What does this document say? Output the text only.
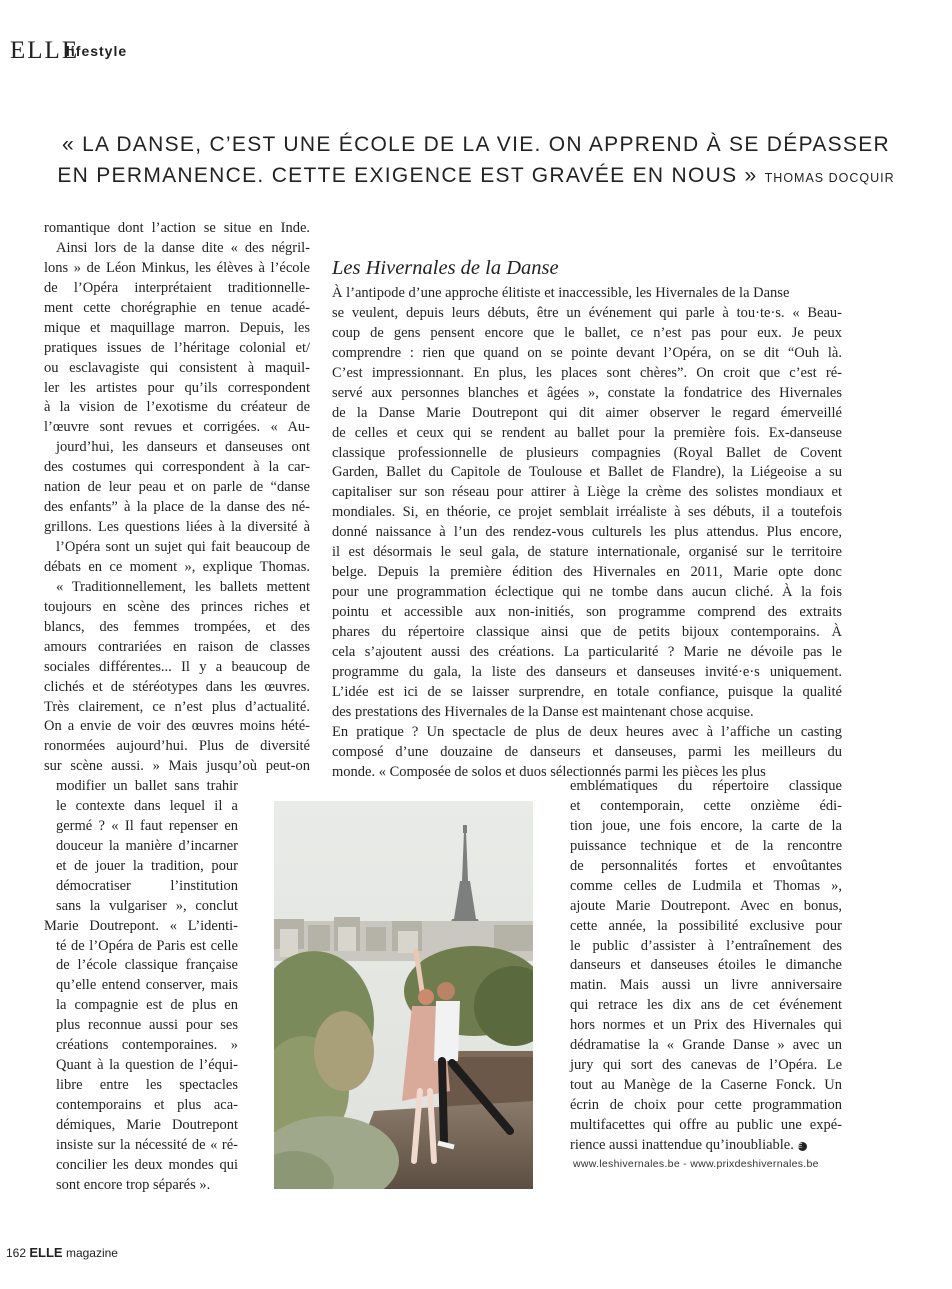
ELLE
lifestyle
« LA DANSE, C’EST UNE ÉCOLE DE LA VIE. ON APPREND À SE DÉPASSER
EN PERMANENCE. CETTE EXIGENCE EST GRAVÉE EN NOUS » THOMAS DOCQUIR
romantique dont l’action se situe en Inde.
Ainsi lors de la danse dite « des négril-
lons » de Léon Minkus, les élèves à l’école
de l’Opéra interprétaient traditionnelle-
ment cette chorégraphie en tenue acadé-
mique et maquillage marron. Depuis, les
pratiques issues de l’héritage colonial et/
ou esclavagiste qui consistent à maquil-
ler les artistes pour qu’ils correspondent
à la vision de l’exotisme du créateur de
l’œuvre sont revues et corrigées. « Au-
jourd’hui, les danseurs et danseuses ont
des costumes qui correspondent à la car-
nation de leur peau et on parle de “danse
des enfants” à la place de la danse des né-
grillons. Les questions liées à la diversité à
l’Opéra sont un sujet qui fait beaucoup de
débats en ce moment », explique Thomas.
« Traditionnellement, les ballets mettent
toujours en scène des princes riches et
blancs, des femmes trompées, et des
amours contrariées en raison de classes
sociales différentes... Il y a beaucoup de
clichés et de stéréotypes dans les œuvres.
Très clairement, ce n’est plus d’actualité.
On a envie de voir des œuvres moins hété-
ronormées aujourd’hui. Plus de diversité
sur scène aussi. » Mais jusqu’où peut-on
modifier un ballet sans trahir
le contexte dans lequel il a
germé ? « Il faut repenser en
douceur la manière d’incarner
et de jouer la tradition, pour
démocratiser l’institution
sans la vulgariser », conclut
Marie Doutrepont. « L’identi-
té de l’Opéra de Paris est celle
de l’école classique française
qu’elle entend conserver, mais
la compagnie est de plus en
plus reconnue aussi pour ses
créations contemporaines. »
Quant à la question de l’équi-
libre entre les spectacles
contemporains et plus aca-
démiques, Marie Doutrepont
insiste sur la nécessité de « ré-
concilier les deux mondes qui
sont encore trop séparés ».
Les Hivernales de la Danse
À l’antipode d’une approche élitiste et inaccessible, les Hivernales de la Danse
se veulent, depuis leurs débuts, être un événement qui parle à tou·te·s. « Beau-
coup de gens pensent encore que le ballet, ce n’est pas pour eux. Je peux
comprendre : rien que quand on se pointe devant l’Opéra, on se dit “Ouh là.
C’est impressionnant. En plus, les places sont chères”. On croit que c’est ré-
servé aux personnes blanches et âgées », constate la fondatrice des Hivernales
de la Danse Marie Doutrepont qui dit aimer observer le regard émerveillé
de celles et ceux qui se rendent au ballet pour la première fois. Ex-danseuse
classique professionnelle de plusieurs compagnies (Royal Ballet de Covent
Garden, Ballet du Capitole de Toulouse et Ballet de Flandre), la Liégeoise a su
capitaliser sur son réseau pour attirer à Liège la crème des solistes mondiaux et
mondiales. Si, en théorie, ce projet semblait irréaliste à ses débuts, il a toutefois
donné naissance à l’un des rendez-vous culturels les plus attendus. Plus encore,
il est désormais le seul gala, de stature internationale, organisé sur le territoire
belge. Depuis la première édition des Hivernales en 2011, Marie opte donc
pour une programmation éclectique qui ne tombe dans aucun cliché. À la fois
pointu et accessible aux non-initiés, son programme comprend des extraits
phares du répertoire classique ainsi que de petits bijoux contemporains. À
cela s’ajoutent aussi des créations. La particularité ? Marie ne dévoile pas le
programme du gala, la liste des danseurs et danseuses invité·e·s uniquement.
L’idée est ici de se laisser surprendre, en totale confiance, puisque la qualité
des prestations des Hivernales de la Danse est maintenant chose acquise.
En pratique ? Un spectacle de plus de deux heures avec à l’affiche un casting
composé d’une douzaine de danseurs et danseuses, parmi les meilleurs du
monde. « Composée de solos et duos sélectionnés parmi les pièces les plus
emblématiques du répertoire classique
et contemporain, cette onzième édi-
tion joue, une fois encore, la carte de la
puissance technique et de la rencontre
de personnalités fortes et envoûtantes
comme celles de Ludmila et Thomas »,
ajoute Marie Doutrepont. Avec en bonus,
cette année, la possibilité exclusive pour
le public d’assister à l’entraînement des
danseurs et danseuses étoiles le dimanche
matin. Mais aussi un livre anniversaire
qui retrace les dix ans de cet événement
hors normes et un Prix des Hivernales qui
dédramatise la « Grande Danse » avec un
jury qui sort des canevas de l’Opéra. Le
tout au Manège de la Caserne Fonck. Un
écrin de choix pour cette programmation
multifacettes qui offre au public une expé-
rience aussi inattendue qu’inoubliable. E
www.leshivernales.be - www.prixdeshivernales.be
162 ELLE magazine
